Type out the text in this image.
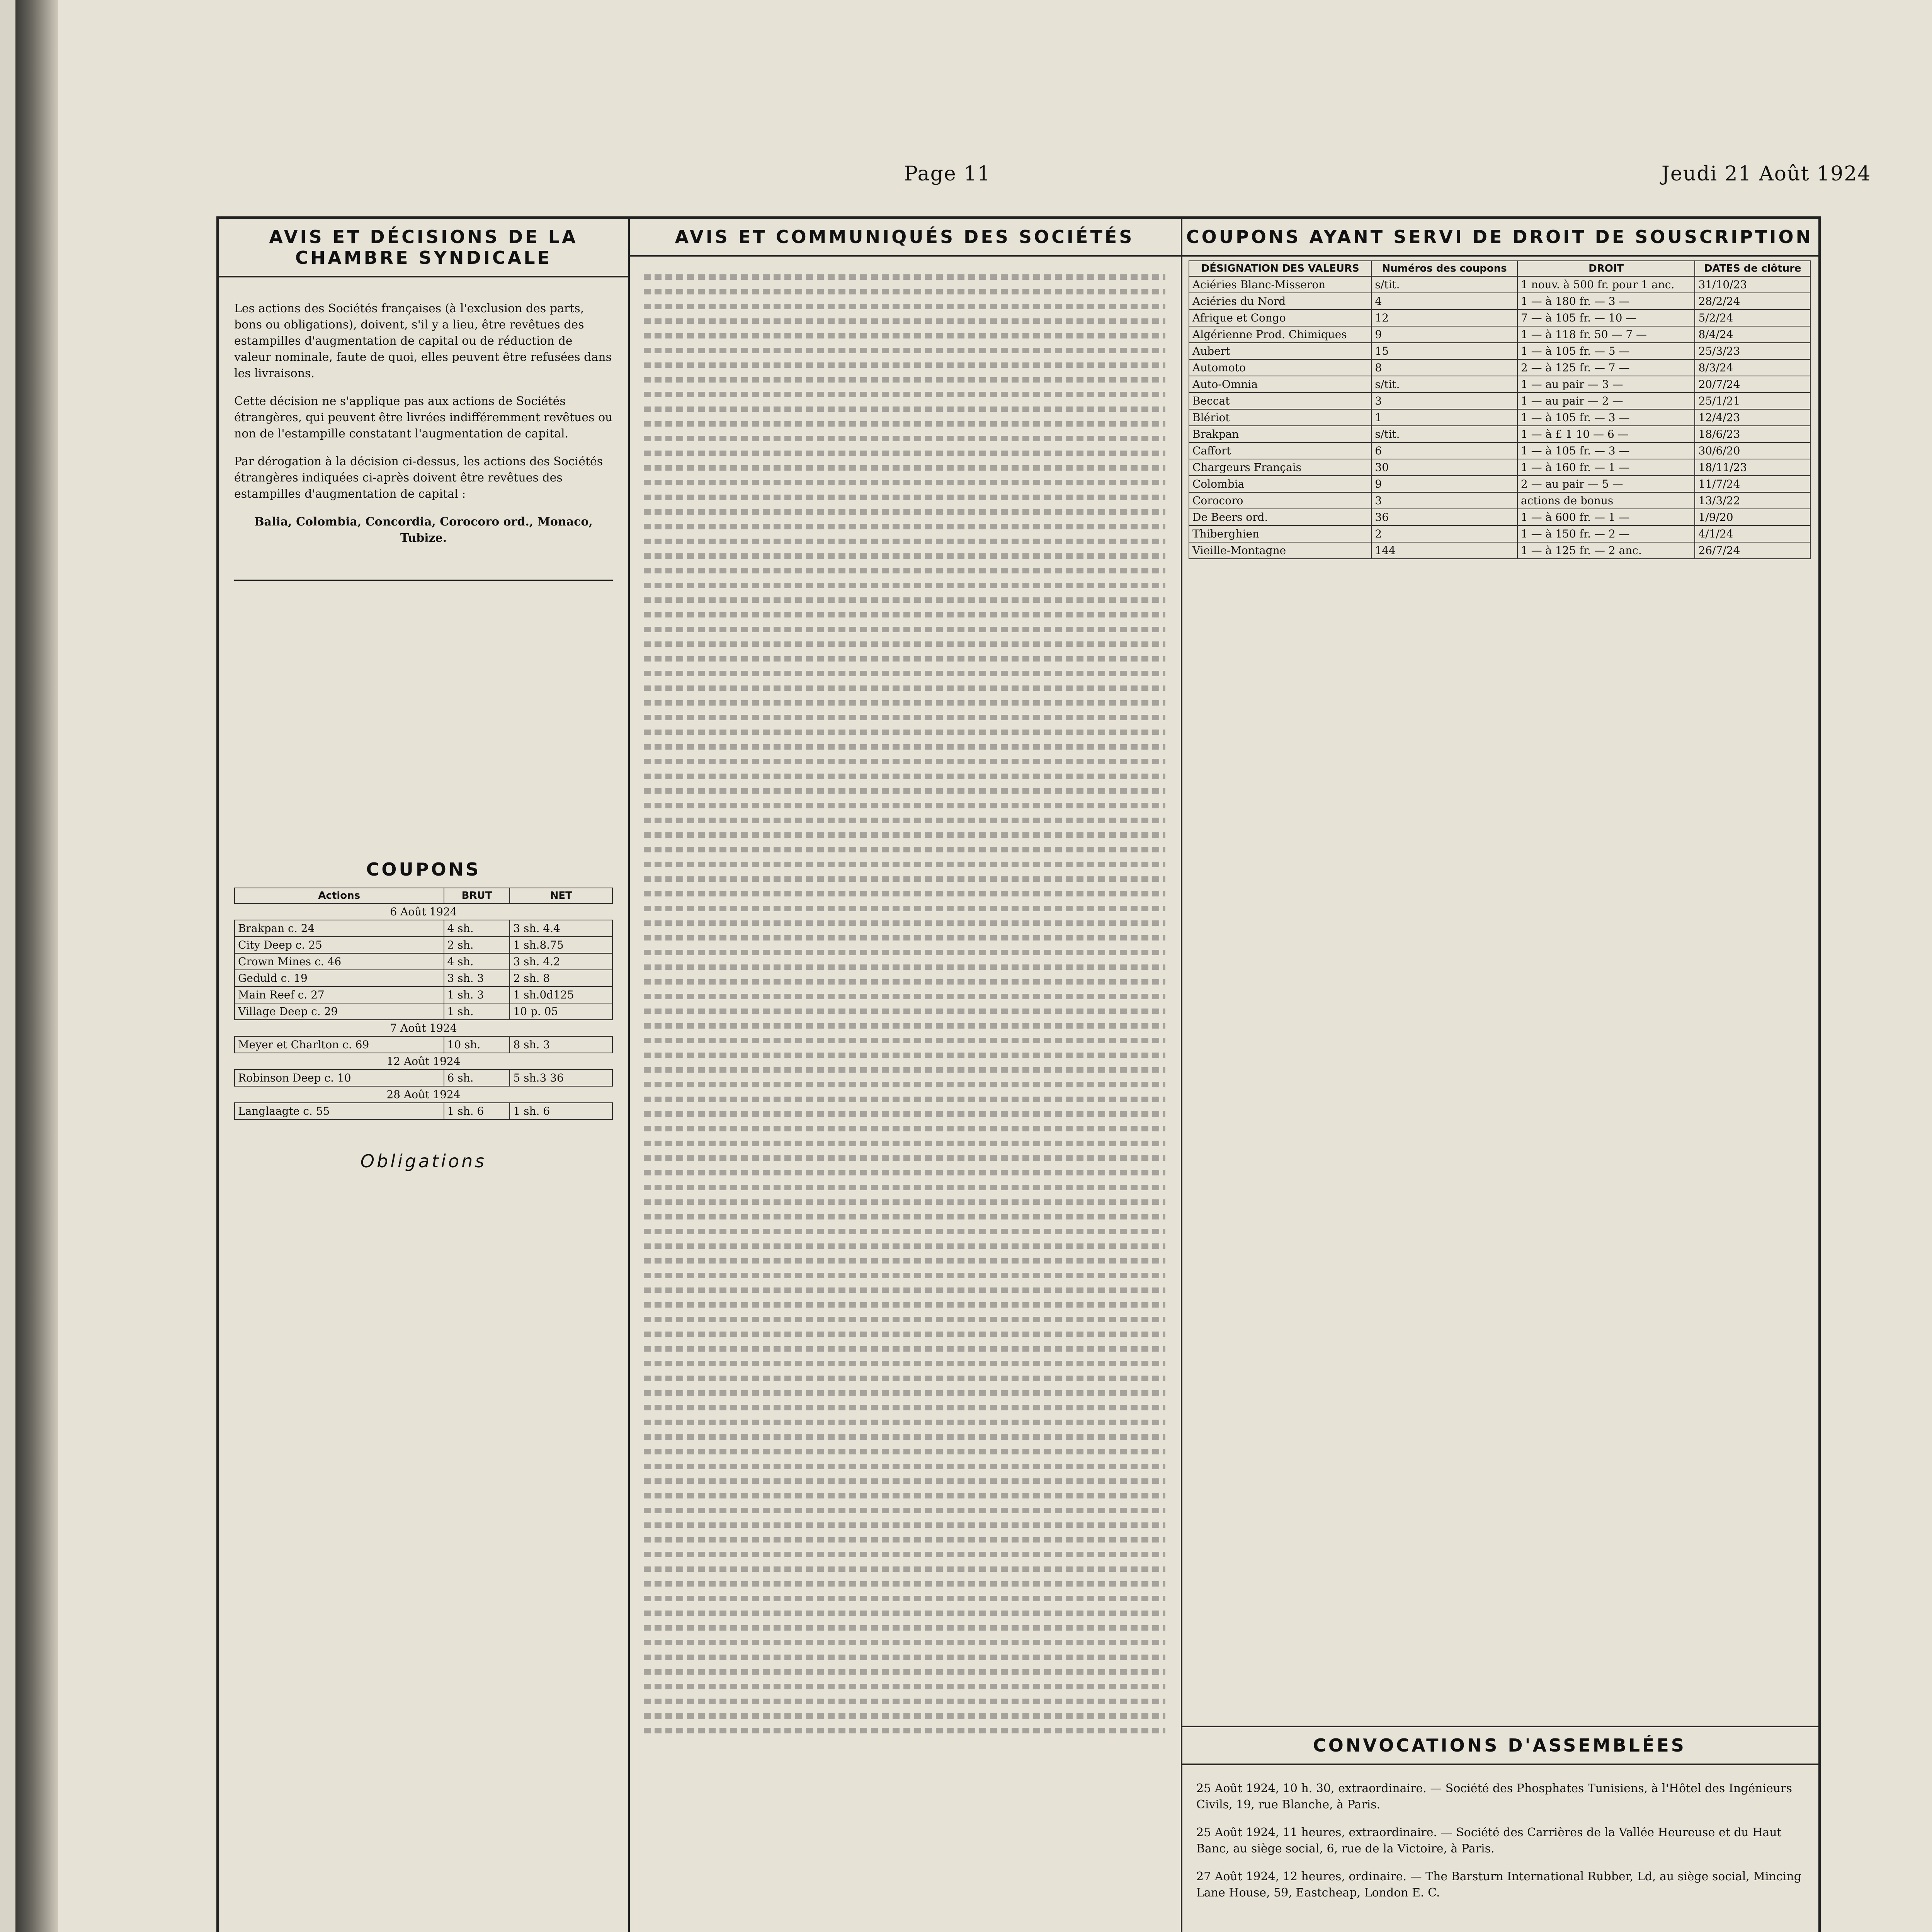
Page 11	Jeudi 21 Août 1924
AVIS ET DÉCISIONS DE LA CHAMBRE SYNDICALE

Les actions des Sociétés françaises (à l'exclusion des parts, bons ou obligations), doivent, s'il y a lieu, être revêtues des estampilles d'augmentation de capital ou de réduction de valeur nominale, faute de quoi, elles peuvent être refusées dans les livraisons.

Cette décision ne s'applique pas aux actions de Sociétés étrangères, qui peuvent être livrées indifféremment revêtues ou non de l'estampille constatant l'augmentation de capital.

Par dérogation à la décision ci-dessus, les actions des Sociétés étrangères indiquées ci-après doivent être revêtues des estampilles d'augmentation de capital :

Balia, Colombia, Concordia, Corocoro ord., Monaco, Tubize.

COUPONS
Actions	BRUT	NET
6 Août 1924		
Brakpan c. 24	4 sh.	3 sh. 4.4
City Deep c. 25	2 sh.	1 sh.8.75
Crown Mines c. 46	4 sh.	3 sh. 4.2
Geduld c. 19	3 sh. 3	2 sh. 8
Main Reef c. 27	1 sh. 3	1 sh.0d125
Village Deep c. 29	1 sh.	10 p. 05
7 Août 1924		
Meyer et Charlton c. 69	10 sh.	8 sh. 3
12 Août 1924		
Robinson Deep c. 10	6 sh.	5 sh.3 36
28 Août 1924		
Langlaagte c. 55	1 sh. 6	1 sh. 6
Obligations
AVIS ET COMMUNIQUÉS DES SOCIÉTÉS	COUPONS AYANT SERVI DE DROIT DE SOUSCRIPTION
DÉSIGNATION DES VALEURS	Numéros des coupons	DROIT	DATES de clôture
Aciéries Blanc-Misseron	s/tit.	1 nouv. à 500 fr. pour 1 anc.	31/10/23
Aciéries du Nord	4	1 — à 180 fr. — 3 —	28/2/24
Afrique et Congo	12	7 — à 105 fr. — 10 —	5/2/24
Algérienne Prod. Chimiques	9	1 — à 118 fr. 50 — 7 —	8/4/24
Aubert	15	1 — à 105 fr. — 5 —	25/3/23
Automoto	8	2 — à 125 fr. — 7 —	8/3/24
Auto-Omnia	s/tit.	1 — au pair — 3 —	20/7/24
Beccat	3	1 — au pair — 2 —	25/1/21
Blériot	1	1 — à 105 fr. — 3 —	12/4/23
Brakpan	s/tit.	1 — à £ 1 10 — 6 —	18/6/23
Caffort	6	1 — à 105 fr. — 3 —	30/6/20
Chargeurs Français	30	1 — à 160 fr. — 1 —	18/11/23
Colombia	9	2 — au pair — 5 —	11/7/24
Corocoro	3	actions de bonus	13/3/22
De Beers ord.	36	1 — à 600 fr. — 1 —	1/9/20
Thiberghien	2	1 — à 150 fr. — 2 —	4/1/24
Vieille-Montagne	144	1 — à 125 fr. — 2 anc.	26/7/24
CONVOCATIONS D'ASSEMBLÉES

25 Août 1924, 10 h. 30, extraordinaire. — Société des Phosphates Tunisiens, à l'Hôtel des Ingénieurs Civils, 19, rue Blanche, à Paris.

25 Août 1924, 11 heures, extraordinaire. — Société des Carrières de la Vallée Heureuse et du Haut Banc, au siège social, 6, rue de la Victoire, à Paris.

27 Août 1924, 12 heures, ordinaire. — The Barsturn International Rubber, Ld, au siège social, Mincing Lane House, 59, Eastcheap, London E. C.
